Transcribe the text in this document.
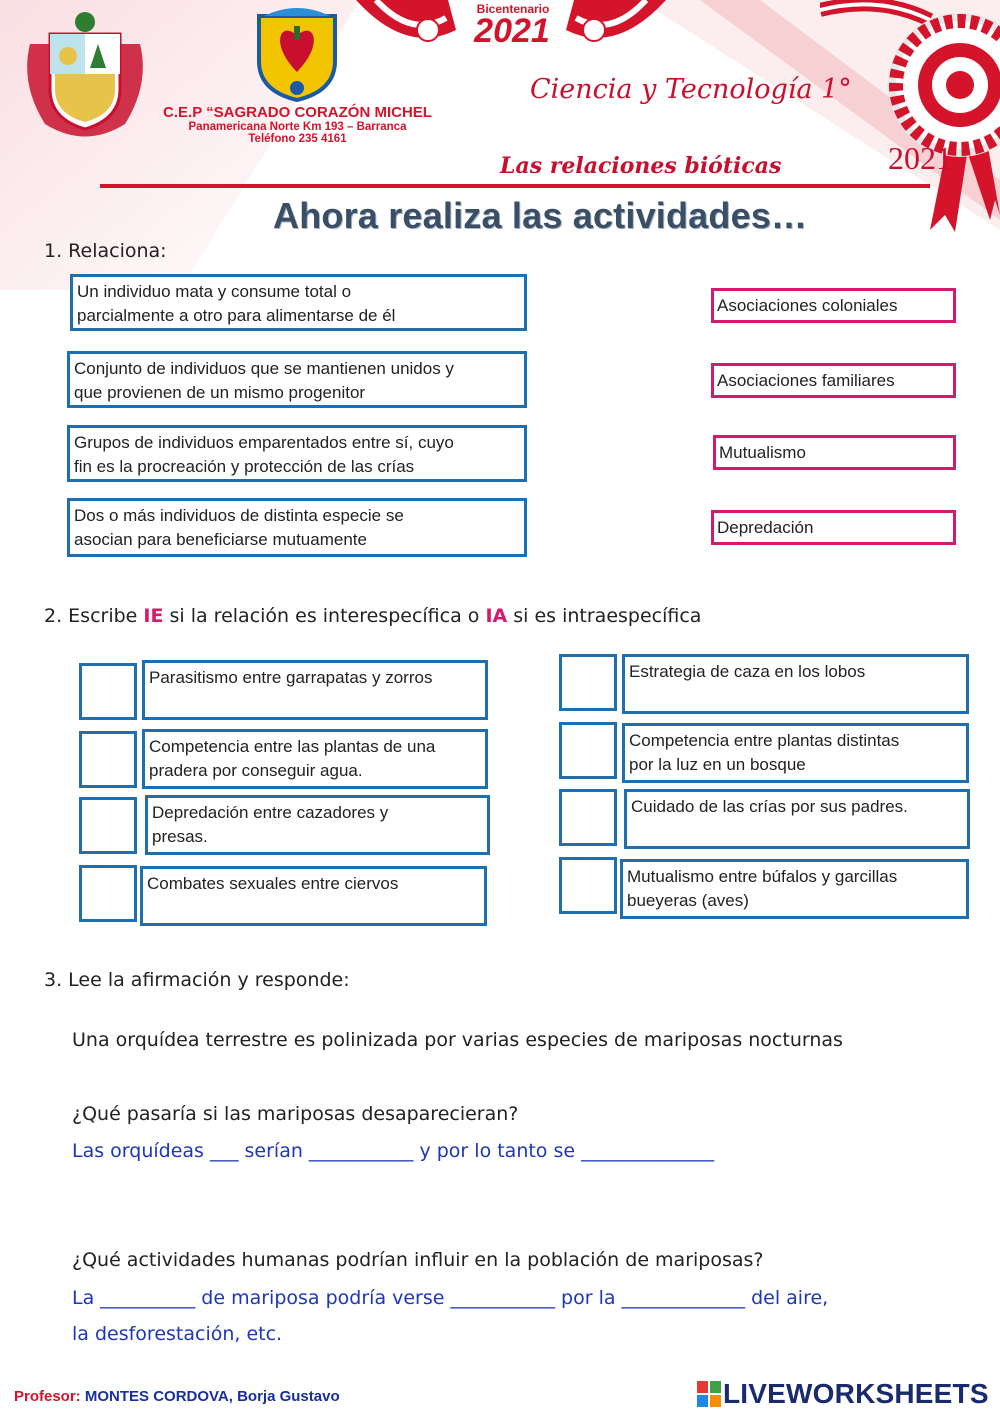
C.E.P “SAGRADO CORAZÓN MICHEL
Panamericana Norte Km 193 – Barranca
Teléfono 235 4161
Bicentenario
2021
Ciencia y Tecnología 1°
Las relaciones bióticas	2021
Ahora realiza las actividades…
1. Relaciona:
Un individuo mata y consume total o
parcialmente a otro para alimentarse de él
Conjunto de individuos que se mantienen unidos y
que provienen de un mismo progenitor
Grupos de individuos emparentados entre sí, cuyo
fin es la procreación y protección de las crías
Dos o más individuos de distinta especie se
asocian para beneficiarse mutuamente
Asociaciones coloniales
Asociaciones familiares
Mutualismo
Depredación
2. Escribe IE si la relación es interespecífica o IA si es intraespecífica
Parasitismo entre garrapatas y zorros
Competencia entre las plantas de una
pradera por conseguir agua.
Depredación entre cazadores y
presas.
Combates sexuales entre ciervos
Estrategia de caza en los lobos
Competencia entre plantas distintas
por la luz en un bosque
Cuidado de las crías por sus padres.
Mutualismo entre búfalos y garcillas
bueyeras (aves)
3. Lee la afirmación y responde:
Una orquídea terrestre es polinizada por varias especies de mariposas nocturnas
¿Qué pasaría si las mariposas desaparecieran?
Las orquídeas ___ serían ___________ y por lo tanto se ______________
¿Qué actividades humanas podrían influir en la población de mariposas?
La __________ de mariposa podría verse ___________ por la _____________ del aire,
la desforestación, etc.
Profesor: MONTES CORDOVA, Borja Gustavo	LIVEWORKSHEETS
